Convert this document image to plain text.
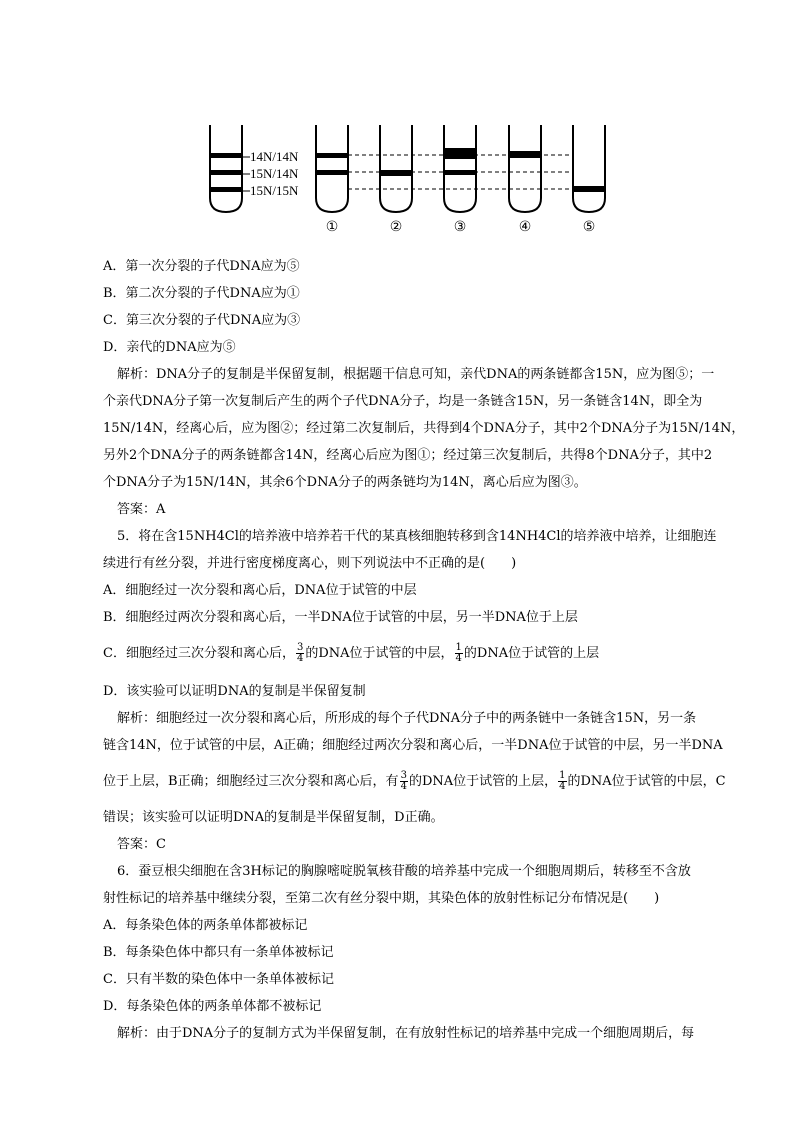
14N/14N
15N/14N
15N/15N
①	②	③	④	⑤
A．第一次分裂的子代DNA应为⑤
B．第二次分裂的子代DNA应为①
C．第三次分裂的子代DNA应为③
D．亲代的DNA应为⑤
解析：DNA分子的复制是半保留复制，根据题干信息可知，亲代DNA的两条链都含15N，应为图⑤；一
个亲代DNA分子第一次复制后产生的两个子代DNA分子，均是一条链含15N，另一条链含14N，即全为
15N/14N，经离心后，应为图②；经过第二次复制后，共得到4个DNA分子，其中2个DNA分子为15N/14N，
另外2个DNA分子的两条链都含14N，经离心后应为图①；经过第三次复制后，共得8个DNA分子，其中2
个DNA分子为15N/14N，其余6个DNA分子的两条链均为14N，离心后应为图③。
答案：A
5．将在含15NH4Cl的培养液中培养若干代的某真核细胞转移到含14NH4Cl的培养液中培养，让细胞连
续进行有丝分裂，并进行密度梯度离心，则下列说法中不正确的是(　　)
A．细胞经过一次分裂和离心后，DNA位于试管的中层
B．细胞经过两次分裂和离心后，一半DNA位于试管的中层，另一半DNA位于上层
C．细胞经过三次分裂和离心后， $\frac{3}{4}$ 的DNA位于试管的中层， $\frac{1}{4}$ 的DNA位于试管的上层
D．该实验可以证明DNA的复制是半保留复制
解析：细胞经过一次分裂和离心后，所形成的每个子代DNA分子中的两条链中一条链含15N，另一条
链含14N，位于试管的中层，A正确；细胞经过两次分裂和离心后，一半DNA位于试管的中层，另一半DNA
位于上层，B正确；细胞经过三次分裂和离心后，有 $\frac{3}{4}$ 的DNA位于试管的上层， $\frac{1}{4}$ 的DNA位于试管的中层，C
错误；该实验可以证明DNA的复制是半保留复制，D正确。
答案：C
6．蚕豆根尖细胞在含3H标记的胸腺嘧啶脱氧核苷酸的培养基中完成一个细胞周期后，转移至不含放
射性标记的培养基中继续分裂，至第二次有丝分裂中期，其染色体的放射性标记分布情况是(　　)
A．每条染色体的两条单体都被标记
B．每条染色体中都只有一条单体被标记
C．只有半数的染色体中一条单体被标记
D．每条染色体的两条单体都不被标记
解析：由于DNA分子的复制方式为半保留复制，在有放射性标记的培养基中完成一个细胞周期后，每
